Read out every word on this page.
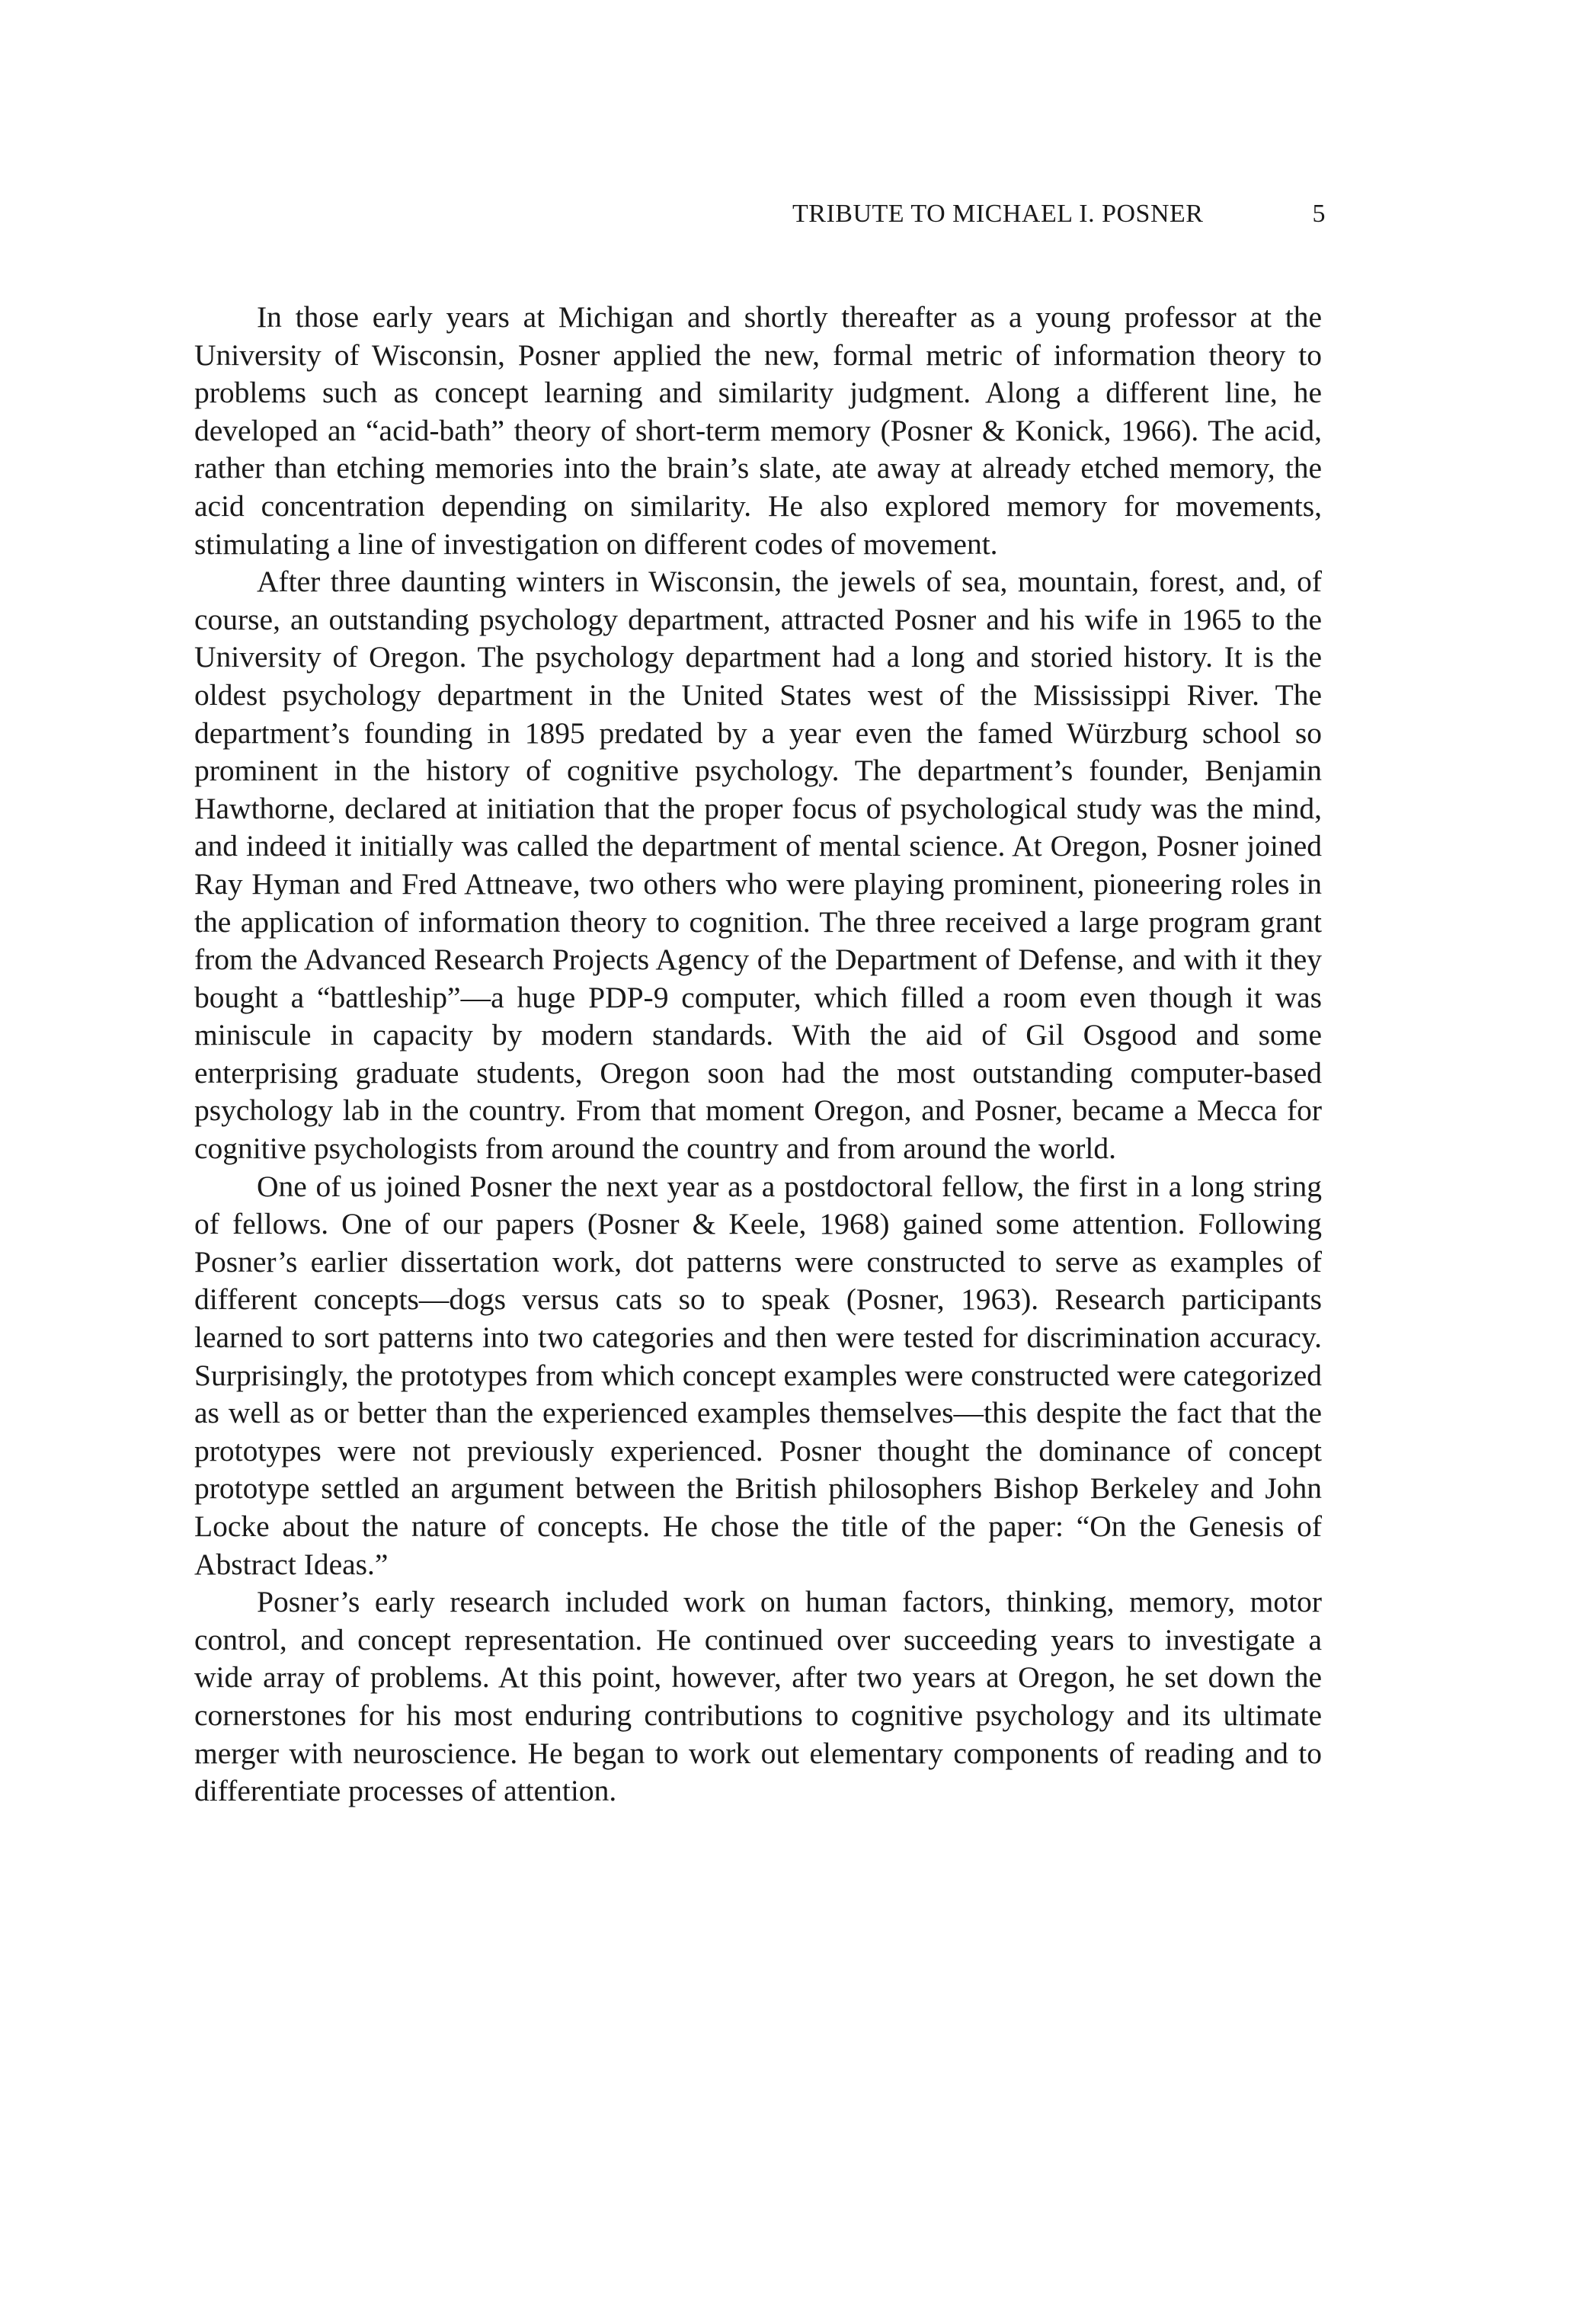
TRIBUTE TO MICHAEL I. POSNER	5

In those early years at Michigan and shortly thereafter as a young professor at the University of Wisconsin, Posner applied the new, formal metric of information theory to problems such as concept learning and similarity judgment. Along a different line, he developed an “acid-bath” theory of short-term memory (Posner & Konick, 1966). The acid, rather than etching memories into the brain’s slate, ate away at already etched memory, the acid concentration depending on similarity. He also explored memory for movements, stimulating a line of investigation on different codes of movement.

After three daunting winters in Wisconsin, the jewels of sea, mountain, forest, and, of course, an outstanding psychology department, attracted Posner and his wife in 1965 to the University of Oregon. The psychology department had a long and storied history. It is the oldest psychology department in the United States west of the Mississippi River. The department’s founding in 1895 predated by a year even the famed Würzburg school so prominent in the history of cognitive psychology. The department’s founder, Benjamin Hawthorne, declared at initiation that the proper focus of psychological study was the mind, and indeed it initially was called the department of mental science. At Oregon, Posner joined Ray Hyman and Fred Attneave, two others who were playing prominent, pioneering roles in the application of information theory to cognition. The three received a large program grant from the Advanced Research Projects Agency of the Department of Defense, and with it they bought a “battleship”—a huge PDP-9 computer, which filled a room even though it was miniscule in capacity by modern standards. With the aid of Gil Osgood and some enterprising graduate students, Oregon soon had the most outstanding computer-based psychology lab in the country. From that moment Oregon, and Posner, became a Mecca for cognitive psychologists from around the country and from around the world.

One of us joined Posner the next year as a postdoctoral fellow, the first in a long string of fellows. One of our papers (Posner & Keele, 1968) gained some attention. Following Posner’s earlier dissertation work, dot patterns were constructed to serve as examples of different concepts—dogs versus cats so to speak (Posner, 1963). Research participants learned to sort patterns into two categories and then were tested for discrimination accuracy. Surprisingly, the prototypes from which concept examples were constructed were categorized as well as or better than the experienced examples themselves—this despite the fact that the prototypes were not previously experienced. Posner thought the dominance of concept prototype settled an argument between the British philosophers Bishop Berkeley and John Locke about the nature of concepts. He chose the title of the paper: “On the Genesis of Abstract Ideas.”

Posner’s early research included work on human factors, thinking, memory, motor control, and concept representation. He continued over succeeding years to investigate a wide array of problems. At this point, however, after two years at Oregon, he set down the cornerstones for his most enduring contributions to cognitive psychology and its ultimate merger with neuroscience. He began to work out elementary components of reading and to differentiate processes of attention.
